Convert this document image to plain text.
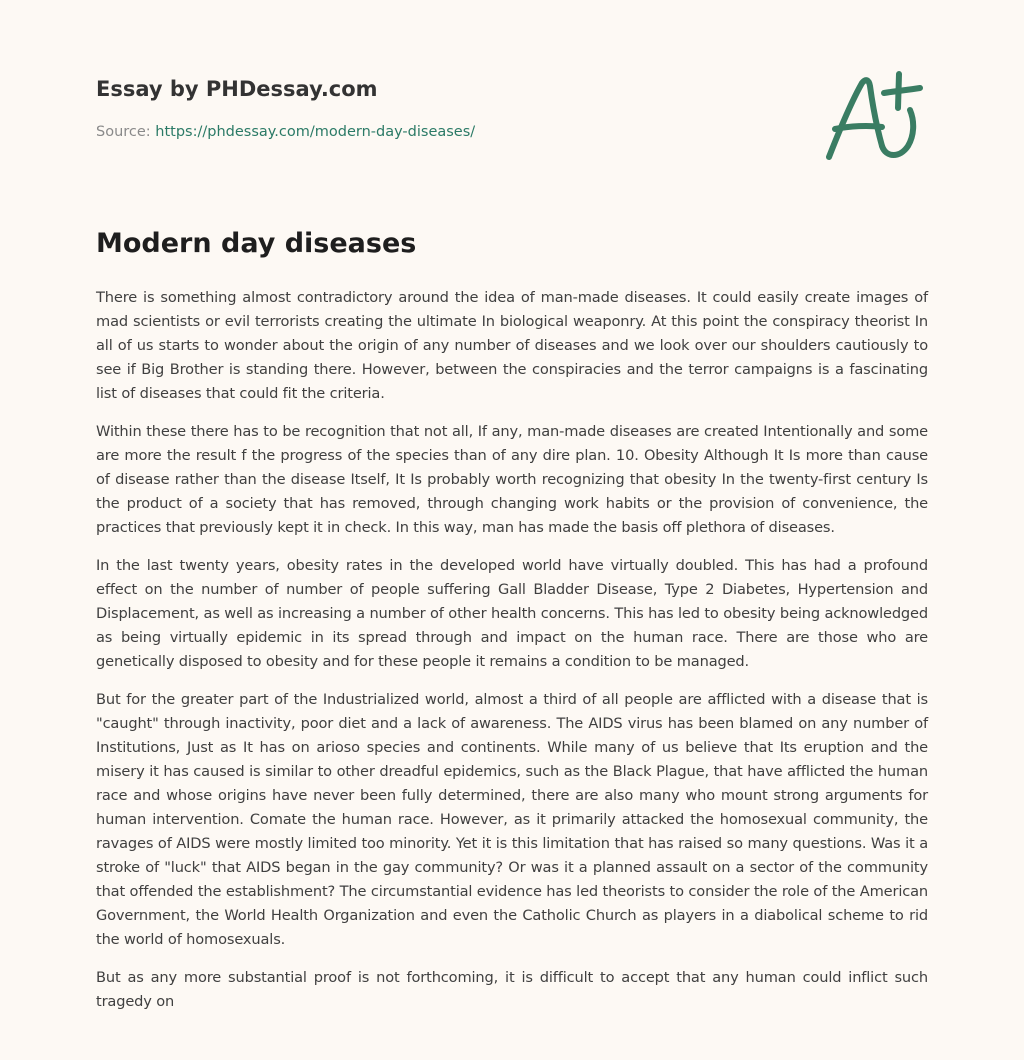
Essay by PHDessay.com
Source: https://phdessay.com/modern-day-diseases/
Modern day diseases

There is something almost contradictory around the idea of man-made diseases. It could easily create images of mad scientists or evil terrorists creating the ultimate In biological weaponry. At this point the conspiracy theorist In all of us starts to wonder about the origin of any number of diseases and we look over our shoulders cautiously to see if Big Brother is standing there. However, between the conspiracies and the terror campaigns is a fascinating list of diseases that could fit the criteria.

Within these there has to be recognition that not all, If any, man-made diseases are created Intentionally and some are more the result f the progress of the species than of any dire plan. 10. Obesity Although It Is more than cause of disease rather than the disease Itself, It Is probably worth recognizing that obesity In the twenty-first century Is the product of a society that has removed, through changing work habits or the provision of convenience, the practices that previously kept it in check. In this way, man has made the basis off plethora of diseases.

In the last twenty years, obesity rates in the developed world have virtually doubled. This has had a profound effect on the number of number of people suffering Gall Bladder Disease, Type 2 Diabetes, Hypertension and Displacement, as well as increasing a number of other health concerns. This has led to obesity being acknowledged as being virtually epidemic in its spread through and impact on the human race. There are those who are genetically disposed to obesity and for these people it remains a condition to be managed.

But for the greater part of the Industrialized world, almost a third of all people are afflicted with a disease that is "caught" through inactivity, poor diet and a lack of awareness. The AIDS virus has been blamed on any number of Institutions, Just as It has on arioso species and continents. While many of us believe that Its eruption and the misery it has caused is similar to other dreadful epidemics, such as the Black Plague, that have afflicted the human race and whose origins have never been fully determined, there are also many who mount strong arguments for human intervention. Comate the human race. However, as it primarily attacked the homosexual community, the ravages of AIDS were mostly limited too minority. Yet it is this limitation that has raised so many questions. Was it a stroke of "luck" that AIDS began in the gay community? Or was it a planned assault on a sector of the community that offended the establishment? The circumstantial evidence has led theorists to consider the role of the American Government, the World Health Organization and even the Catholic Church as players in a diabolical scheme to rid the world of homosexuals.

But as any more substantial proof is not forthcoming, it is difficult to accept that any human could inflict such tragedy on
